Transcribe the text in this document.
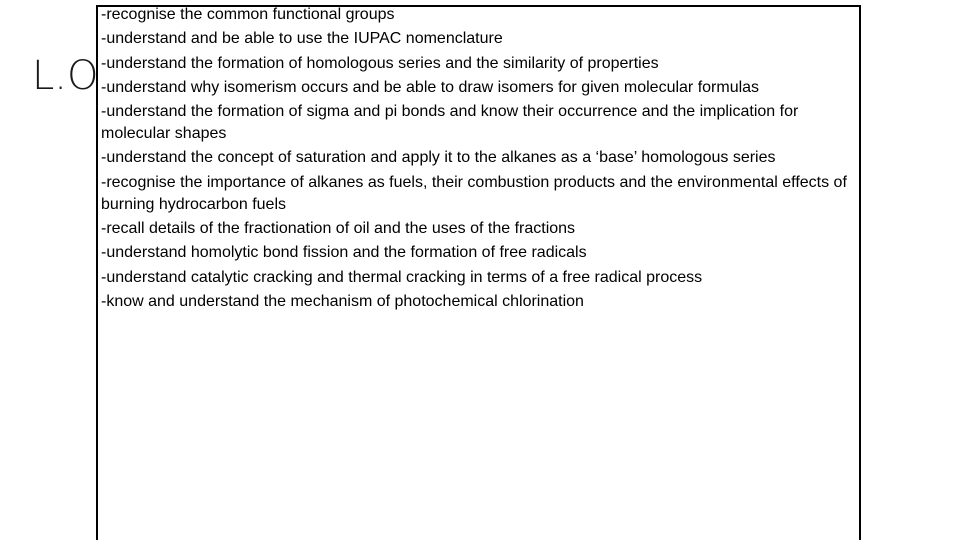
L.O
-recognise the common functional groups
-understand and be able to use the IUPAC nomenclature
-understand the formation of homologous series and the similarity of properties
-understand why isomerism occurs and be able to draw isomers for given molecular formulas
-understand the formation of sigma and pi bonds and know their occurrence and the implication for molecular shapes
-understand the concept of saturation and apply it to the alkanes as a ‘base’ homologous series
-recognise the importance of alkanes as fuels, their combustion products and the environmental effects of burning hydrocarbon fuels
-recall details of the fractionation of oil and the uses of the fractions
-understand homolytic bond fission and the formation of free radicals
-understand catalytic cracking and thermal cracking in terms of a free radical process
-know and understand the mechanism of photochemical chlorination
